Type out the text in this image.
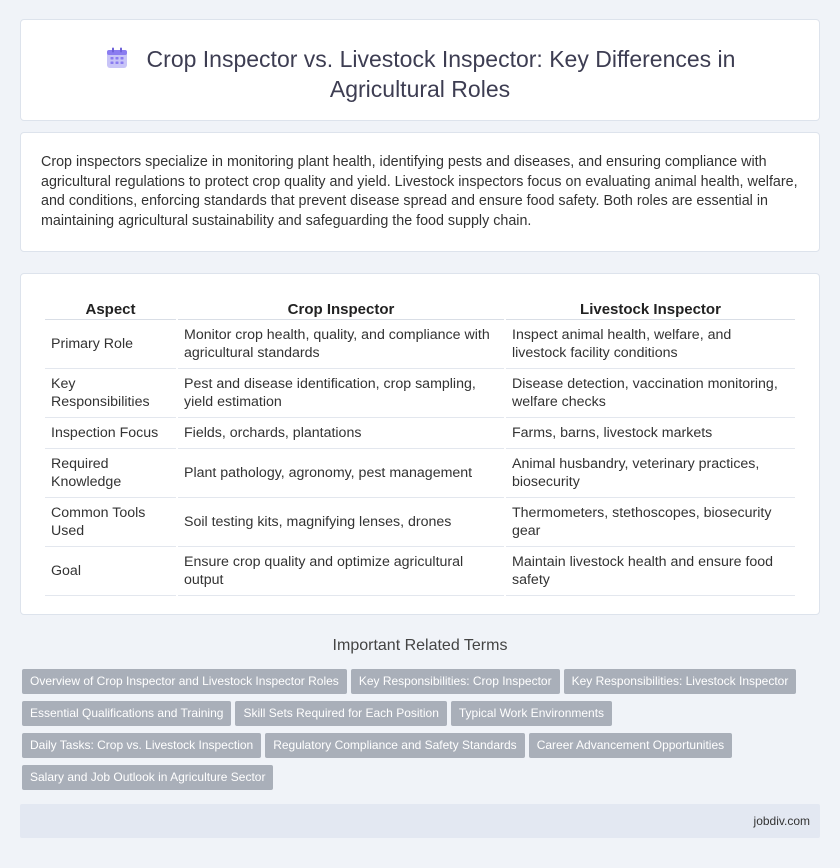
Crop Inspector vs. Livestock Inspector: Key Differences in
Agricultural Roles

Crop inspectors specialize in monitoring plant health, identifying pests and diseases, and ensuring compliance with agricultural regulations to protect crop quality and yield. Livestock inspectors focus on evaluating animal health, welfare, and conditions, enforcing standards that prevent disease spread and ensure food safety. Both roles are essential in maintaining agricultural sustainability and safeguarding the food supply chain.

Aspect	Crop Inspector	Livestock Inspector
Primary Role	Monitor crop health, quality, and compliance with agricultural standards	Inspect animal health, welfare, and livestock facility conditions
Key Responsibilities	Pest and disease identification, crop sampling, yield estimation	Disease detection, vaccination monitoring, welfare checks
Inspection Focus	Fields, orchards, plantations	Farms, barns, livestock markets
Required Knowledge	Plant pathology, agronomy, pest management	Animal husbandry, veterinary practices, biosecurity
Common Tools Used	Soil testing kits, magnifying lenses, drones	Thermometers, stethoscopes, biosecurity gear
Goal	Ensure crop quality and optimize agricultural output	Maintain livestock health and ensure food safety
Important Related Terms
Overview of Crop Inspector and Livestock Inspector Roles Key Responsibilities: Crop Inspector Key Responsibilities: Livestock Inspector
Essential Qualifications and Training Skill Sets Required for Each Position Typical Work Environments
Daily Tasks: Crop vs. Livestock Inspection Regulatory Compliance and Safety Standards Career Advancement Opportunities
Salary and Job Outlook in Agriculture Sector
jobdiv.com
